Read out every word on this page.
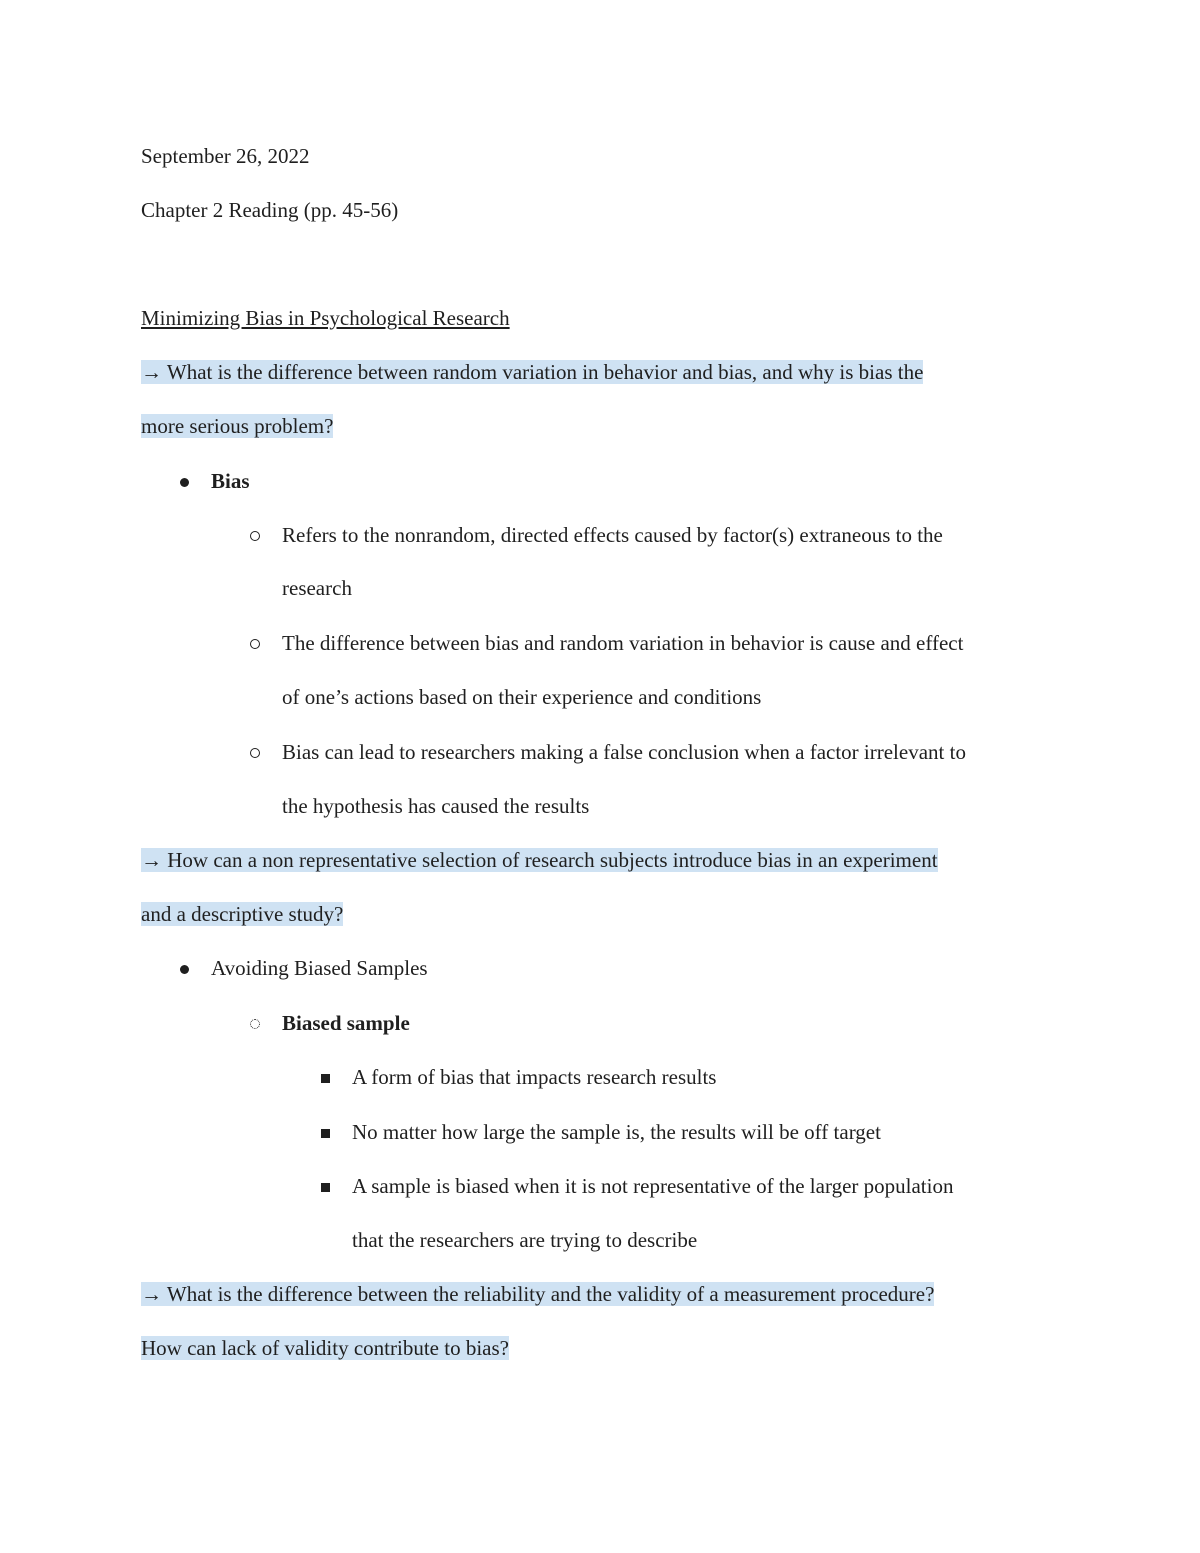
September 26, 2022
Chapter 2 Reading (pp. 45-56)
Minimizing Bias in Psychological Research
→ What is the difference between random variation in behavior and bias, and why is bias the
more serious problem?
Bias
Refers to the nonrandom, directed effects caused by factor(s) extraneous to the
research
The difference between bias and random variation in behavior is cause and effect
of one’s actions based on their experience and conditions
Bias can lead to researchers making a false conclusion when a factor irrelevant to
the hypothesis has caused the results
→ How can a non representative selection of research subjects introduce bias in an experiment
and a descriptive study?
Avoiding Biased Samples
Biased sample
A form of bias that impacts research results
No matter how large the sample is, the results will be off target
A sample is biased when it is not representative of the larger population
that the researchers are trying to describe
→ What is the difference between the reliability and the validity of a measurement procedure?
How can lack of validity contribute to bias?
